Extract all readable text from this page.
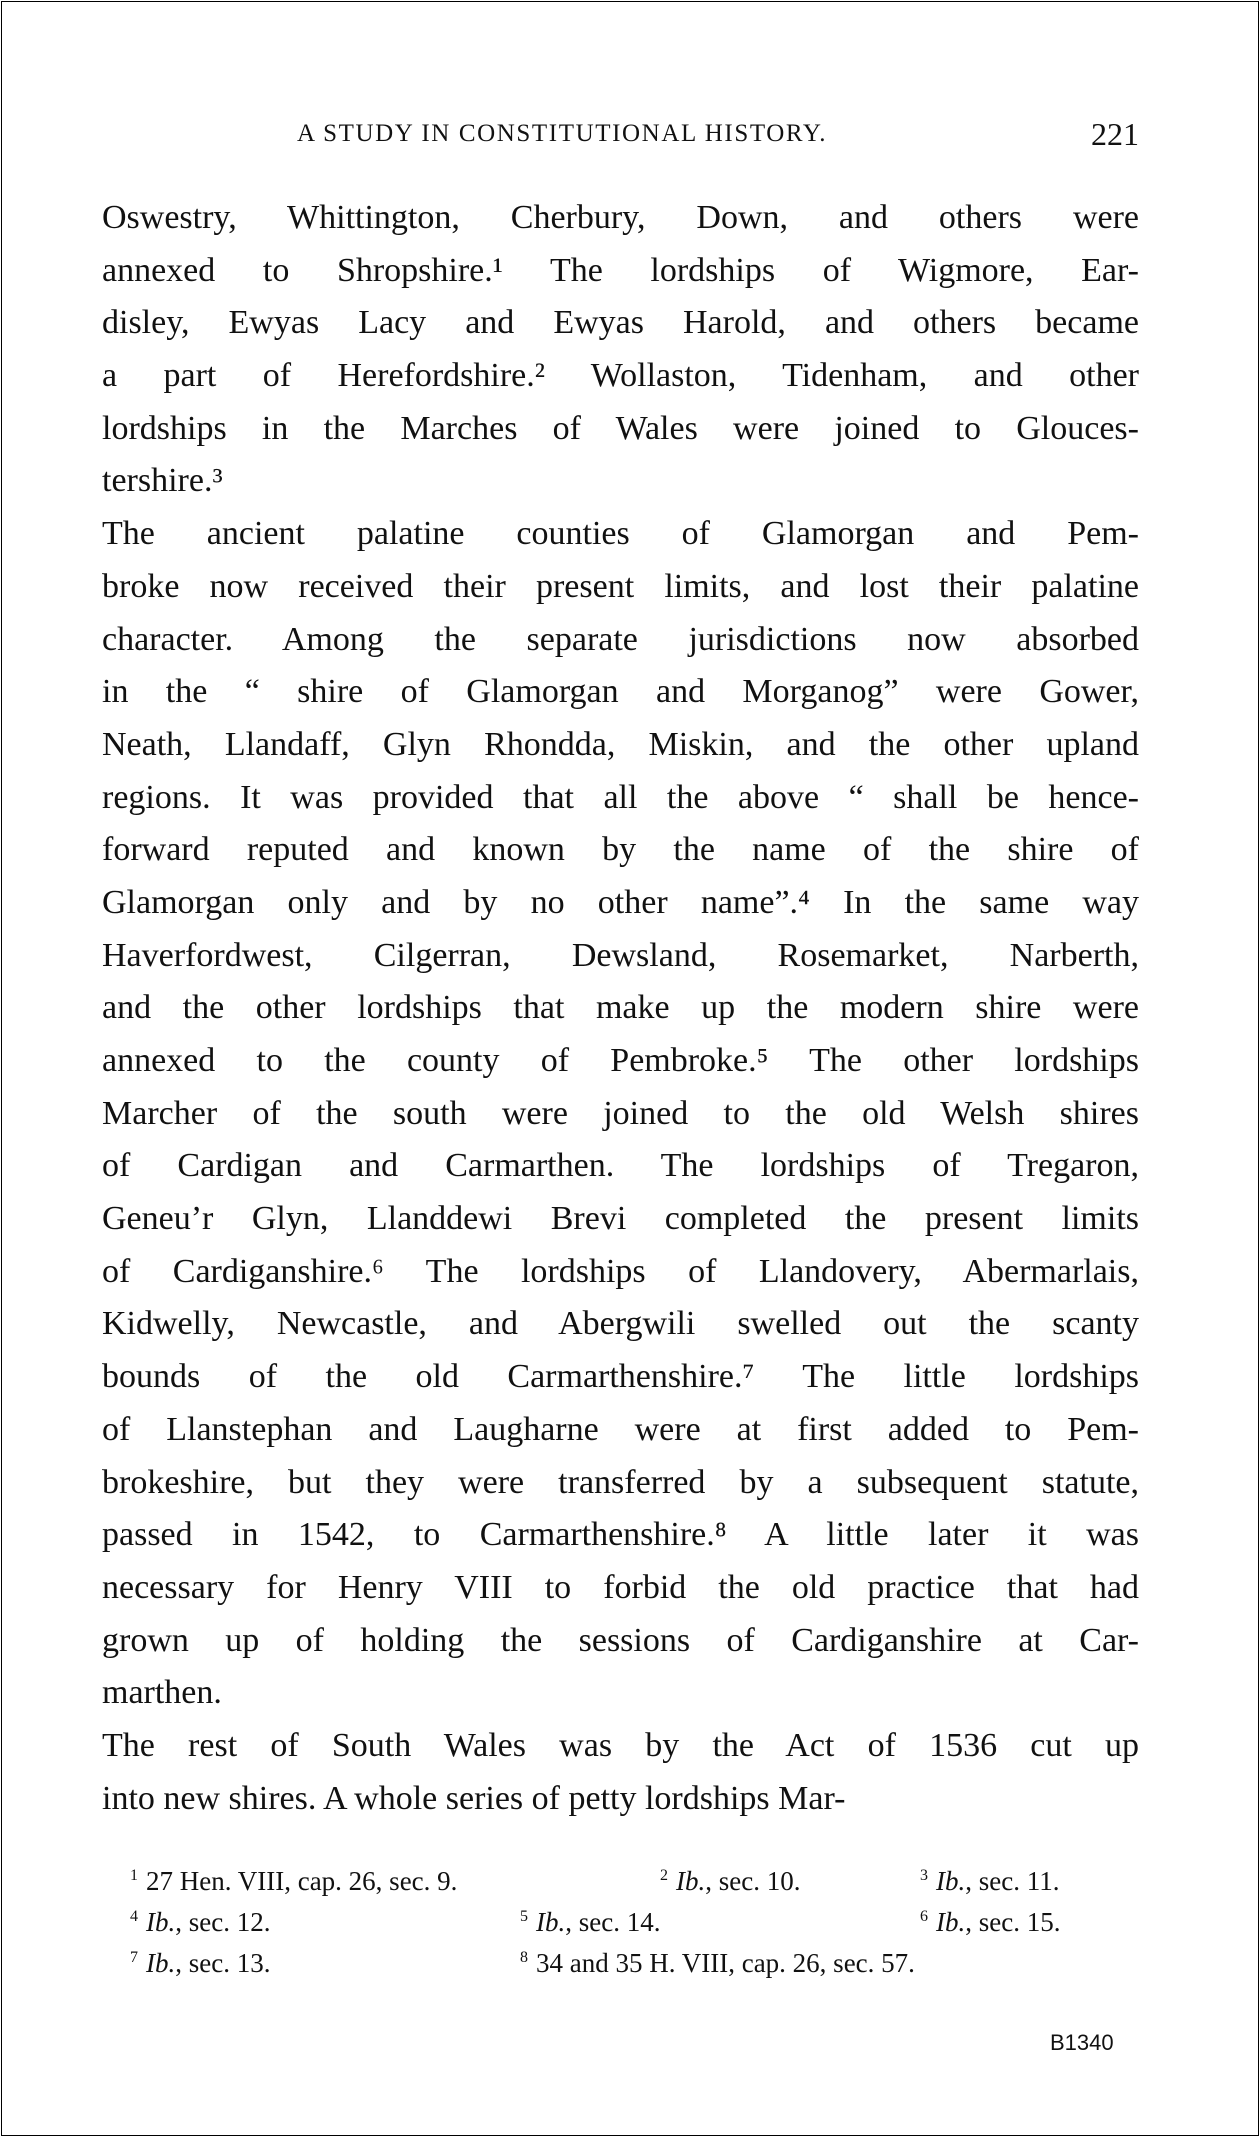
A STUDY IN CONSTITUTIONAL HISTORY.	221
Oswestry, Whittington, Cherbury, Down, and others were
annexed to Shropshire.¹ The lordships of Wigmore, Ear-
disley, Ewyas Lacy and Ewyas Harold, and others became
a part of Herefordshire.² Wollaston, Tidenham, and other
lordships in the Marches of Wales were joined to Glouces-
tershire.³
The ancient palatine counties of Glamorgan and Pem-
broke now received their present limits, and lost their palatine
character. Among the separate jurisdictions now absorbed
in the “ shire of Glamorgan and Morganog” were Gower,
Neath, Llandaff, Glyn Rhondda, Miskin, and the other upland
regions. It was provided that all the above “ shall be hence-
forward reputed and known by the name of the shire of
Glamorgan only and by no other name”.⁴ In the same way
Haverfordwest, Cilgerran, Dewsland, Rosemarket, Narberth,
and the other lordships that make up the modern shire were
annexed to the county of Pembroke.⁵ The other lordships
Marcher of the south were joined to the old Welsh shires
of Cardigan and Carmarthen. The lordships of Tregaron,
Geneu’r Glyn, Llanddewi Brevi completed the present limits
of Cardiganshire.⁶ The lordships of Llandovery, Abermarlais,
Kidwelly, Newcastle, and Abergwili swelled out the scanty
bounds of the old Carmarthenshire.⁷ The little lordships
of Llanstephan and Laugharne were at first added to Pem-
brokeshire, but they were transferred by a subsequent statute,
passed in 1542, to Carmarthenshire.⁸ A little later it was
necessary for Henry VIII to forbid the old practice that had
grown up of holding the sessions of Cardiganshire at Car-
marthen.
The rest of South Wales was by the Act of 1536 cut up
into new shires. A whole series of petty lordships Mar-
$^1$ 27 Hen. VIII, cap. 26, sec. 9.	$^2$ Ib., sec. 10.	$^3$ Ib., sec. 11.
$^4$ Ib., sec. 12.	$^5$ Ib., sec. 14.	$^6$ Ib., sec. 15.
$^7$ Ib., sec. 13.	$^8$ 34 and 35 H. VIII, cap. 26, sec. 57.
B1340
